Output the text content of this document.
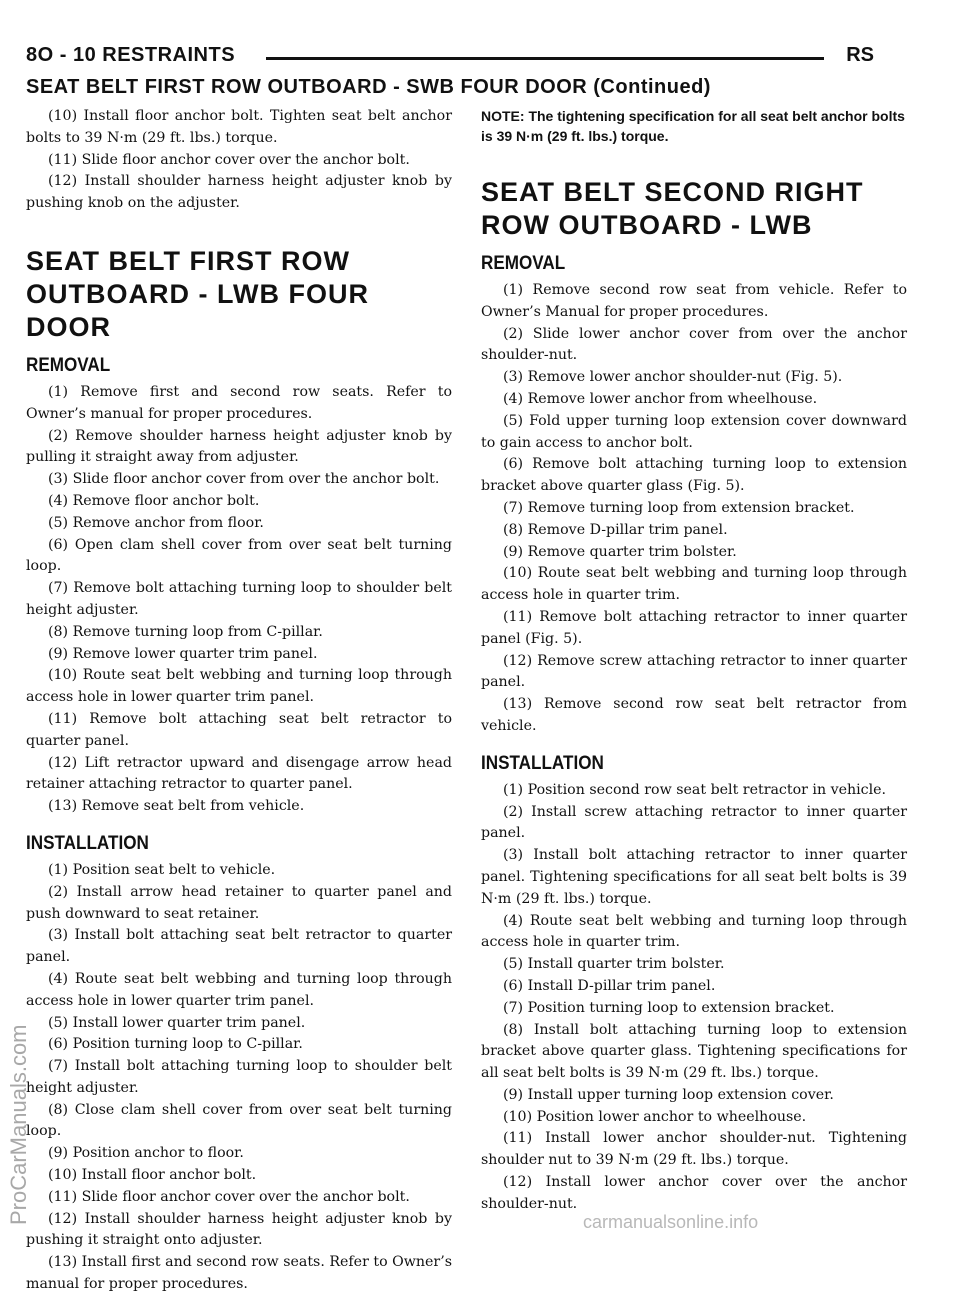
8O - 10 RESTRAINTS	RS
SEAT BELT FIRST ROW OUTBOARD - SWB FOUR DOOR (Continued)

(10) Install floor anchor bolt. Tighten seat belt anchor bolts to 39 N·m (29 ft. lbs.) torque.

(11) Slide floor anchor cover over the anchor bolt.

(12) Install shoulder harness height adjuster knob by pushing knob on the adjuster.

SEAT BELT FIRST ROW

OUTBOARD - LWB FOUR DOOR

REMOVAL

(1) Remove first and second row seats. Refer to Owner’s manual for proper procedures.

(2) Remove shoulder harness height adjuster knob by pulling it straight away from adjuster.

(3) Slide floor anchor cover from over the anchor bolt.

(4) Remove floor anchor bolt.

(5) Remove anchor from floor.

(6) Open clam shell cover from over seat belt turning loop.

(7) Remove bolt attaching turning loop to shoulder belt height adjuster.

(8) Remove turning loop from C-pillar.

(9) Remove lower quarter trim panel.

(10) Route seat belt webbing and turning loop through access hole in lower quarter trim panel.

(11) Remove bolt attaching seat belt retractor to quarter panel.

(12) Lift retractor upward and disengage arrow head retainer attaching retractor to quarter panel.

(13) Remove seat belt from vehicle.

INSTALLATION

(1) Position seat belt to vehicle.

(2) Install arrow head retainer to quarter panel and push downward to seat retainer.

(3) Install bolt attaching seat belt retractor to quarter panel.

(4) Route seat belt webbing and turning loop through access hole in lower quarter trim panel.

(5) Install lower quarter trim panel.

(6) Position turning loop to C-pillar.

(7) Install bolt attaching turning loop to shoulder belt height adjuster.

(8) Close clam shell cover from over seat belt turning loop.

(9) Position anchor to floor.

(10) Install floor anchor bolt.

(11) Slide floor anchor cover over the anchor bolt.

(12) Install shoulder harness height adjuster knob by pushing it straight onto adjuster.

(13) Install first and second row seats. Refer to Owner’s manual for proper procedures.

NOTE: The tightening specification for all seat belt anchor bolts is 39 N·m (29 ft. lbs.) torque.

SEAT BELT SECOND RIGHT

ROW OUTBOARD - LWB

REMOVAL

(1) Remove second row seat from vehicle. Refer to Owner’s Manual for proper procedures.

(2) Slide lower anchor cover from over the anchor shoulder-nut.

(3) Remove lower anchor shoulder-nut (Fig. 5).

(4) Remove lower anchor from wheelhouse.

(5) Fold upper turning loop extension cover downward to gain access to anchor bolt.

(6) Remove bolt attaching turning loop to extension bracket above quarter glass (Fig. 5).

(7) Remove turning loop from extension bracket.

(8) Remove D-pillar trim panel.

(9) Remove quarter trim bolster.

(10) Route seat belt webbing and turning loop through access hole in quarter trim.

(11) Remove bolt attaching retractor to inner quarter panel (Fig. 5).

(12) Remove screw attaching retractor to inner quarter panel.

(13) Remove second row seat belt retractor from vehicle.

INSTALLATION

(1) Position second row seat belt retractor in vehicle.

(2) Install screw attaching retractor to inner quarter panel.

(3) Install bolt attaching retractor to inner quarter panel. Tightening specifications for all seat belt bolts is 39 N·m (29 ft. lbs.) torque.

(4) Route seat belt webbing and turning loop through access hole in quarter trim.

(5) Install quarter trim bolster.

(6) Install D-pillar trim panel.

(7) Position turning loop to extension bracket.

(8) Install bolt attaching turning loop to extension bracket above quarter glass. Tightening specifications for all seat belt bolts is 39 N·m (29 ft. lbs.) torque.

(9) Install upper turning loop extension cover.

(10) Position lower anchor to wheelhouse.

(11) Install lower anchor shoulder-nut. Tightening shoulder nut to 39 N·m (29 ft. lbs.) torque.

(12) Install lower anchor cover over the anchor shoulder-nut.

ProCarManuals.com	carmanualsonline.info
